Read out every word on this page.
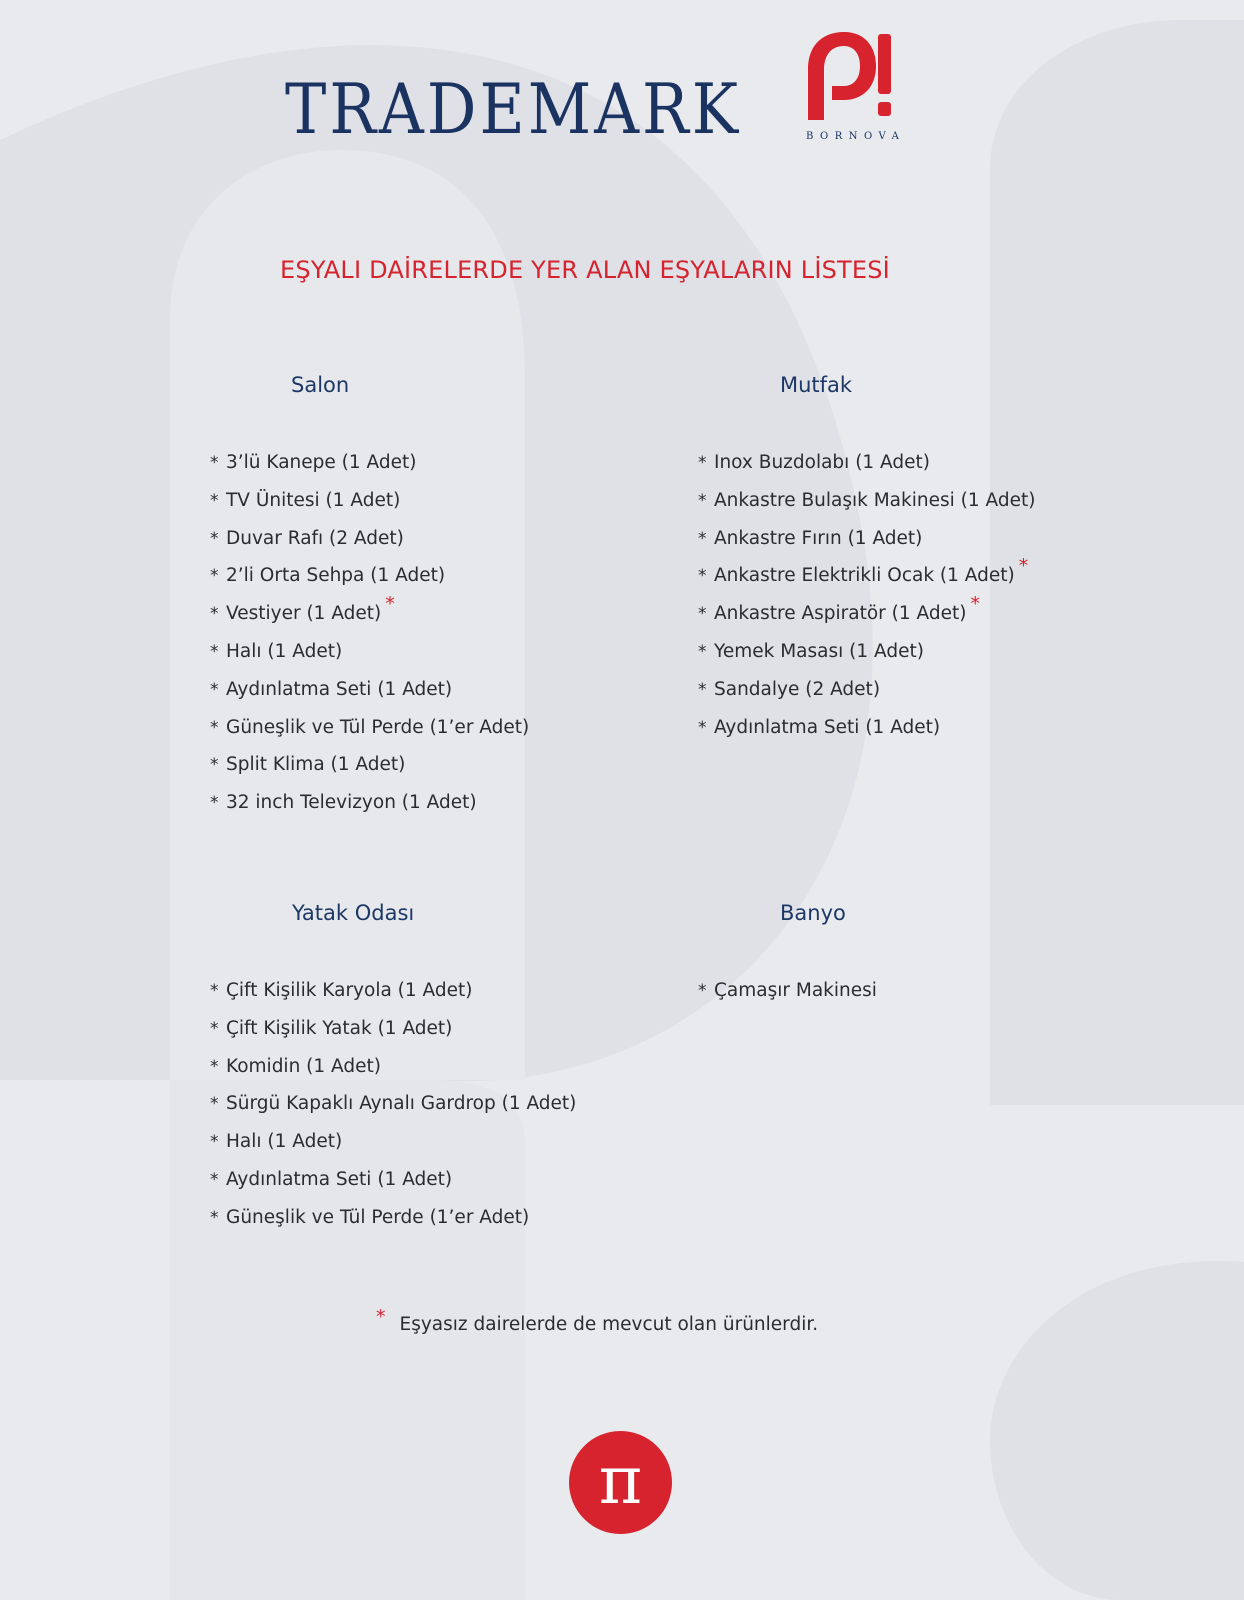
TRADEMARK	BORNOVA
EŞYALI DAİRELERDE YER ALAN EŞYALARIN LİSTESİ
Salon
* 3’lü Kanepe (1 Adet)
* TV Ünitesi (1 Adet)
* Duvar Rafı (2 Adet)
* 2’li Orta Sehpa (1 Adet)
* Vestiyer (1 Adet) *
* Halı (1 Adet)
* Aydınlatma Seti (1 Adet)
* Güneşlik ve Tül Perde (1’er Adet)
* Split Klima (1 Adet)
* 32 inch Televizyon (1 Adet)
Mutfak
* Inox Buzdolabı (1 Adet)
* Ankastre Bulaşık Makinesi (1 Adet)
* Ankastre Fırın (1 Adet)
* Ankastre Elektrikli Ocak (1 Adet) *
* Ankastre Aspiratör (1 Adet) *
* Yemek Masası (1 Adet)
* Sandalye (2 Adet)
* Aydınlatma Seti (1 Adet)
Yatak Odası
* Çift Kişilik Karyola (1 Adet)
* Çift Kişilik Yatak (1 Adet)
* Komidin (1 Adet)
* Sürgü Kapaklı Aynalı Gardrop (1 Adet)
* Halı (1 Adet)
* Aydınlatma Seti (1 Adet)
* Güneşlik ve Tül Perde (1’er Adet)
Banyo
* Çamaşır Makinesi
* Eşyasız dairelerde de mevcut olan ürünlerdir.
π
